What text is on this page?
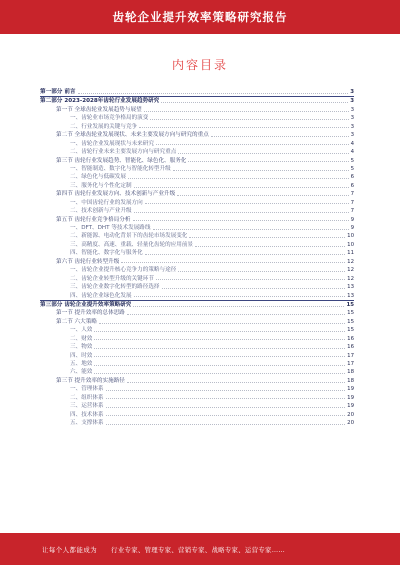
齿轮企业提升效率策略研究报告
内容目录
第一部分 前言	3
第二部分 2023-2028年齿轮行业发展趋势研究	3
第一节 全球齿轮业发展趋势与展望	3
一、齿轮业市场竞争格局的演变	3
二、行业发展的关键与竞争	3
第二节 全球齿轮业发展现状、未来主要发展方向与研究的重点	3
一、齿轮企业发展现状与未来研究	4
二、齿轮行业未来主要发展方向与研究重点	4
第三节 齿轮行业发展趋势、智能化、绿色化、服务化	5
一、智能制造、数字化与智能化转型升级	5
二、绿色化与低碳发展	6
三、服务化与个性化定制	6
第四节 齿轮行业发展方向、技术创新与产业升级	7
一、中国齿轮行业的发展方向	7
二、技术创新与产业升级	7
第五节 齿轮行业竞争格局分析	9
一、DFT、DHT 等技术发展路线	9
二、新能源、电动化背景下的齿轮市场发展变化	10
三、高精度、高速、重载、轻量化齿轮的应用前景	10
四、智能化、数字化与服务化	11
第六节 齿轮行业转型升级	12
一、齿轮企业提升核心竞争力的策略与途径	12
二、齿轮企业转型升级的关键环节	12
三、齿轮企业数字化转型的路径选择	13
四、齿轮企业绿色化发展	13
第三部分 齿轮企业提升效率策略研究	15
第一节 提升效率的总体思路	15
第二节 六大策略	15
一、人效	15
二、财效	16
三、物效	16
四、时效	17
五、地效	17
六、能效	18
第三节 提升效率的实施路径	18
一、管理体系	19
二、组织体系	19
三、运营体系	19
四、技术体系	20
五、支撑体系	20
让每个人都能成为 行业专家、管理专家、营销专家、战略专家、运营专家……
